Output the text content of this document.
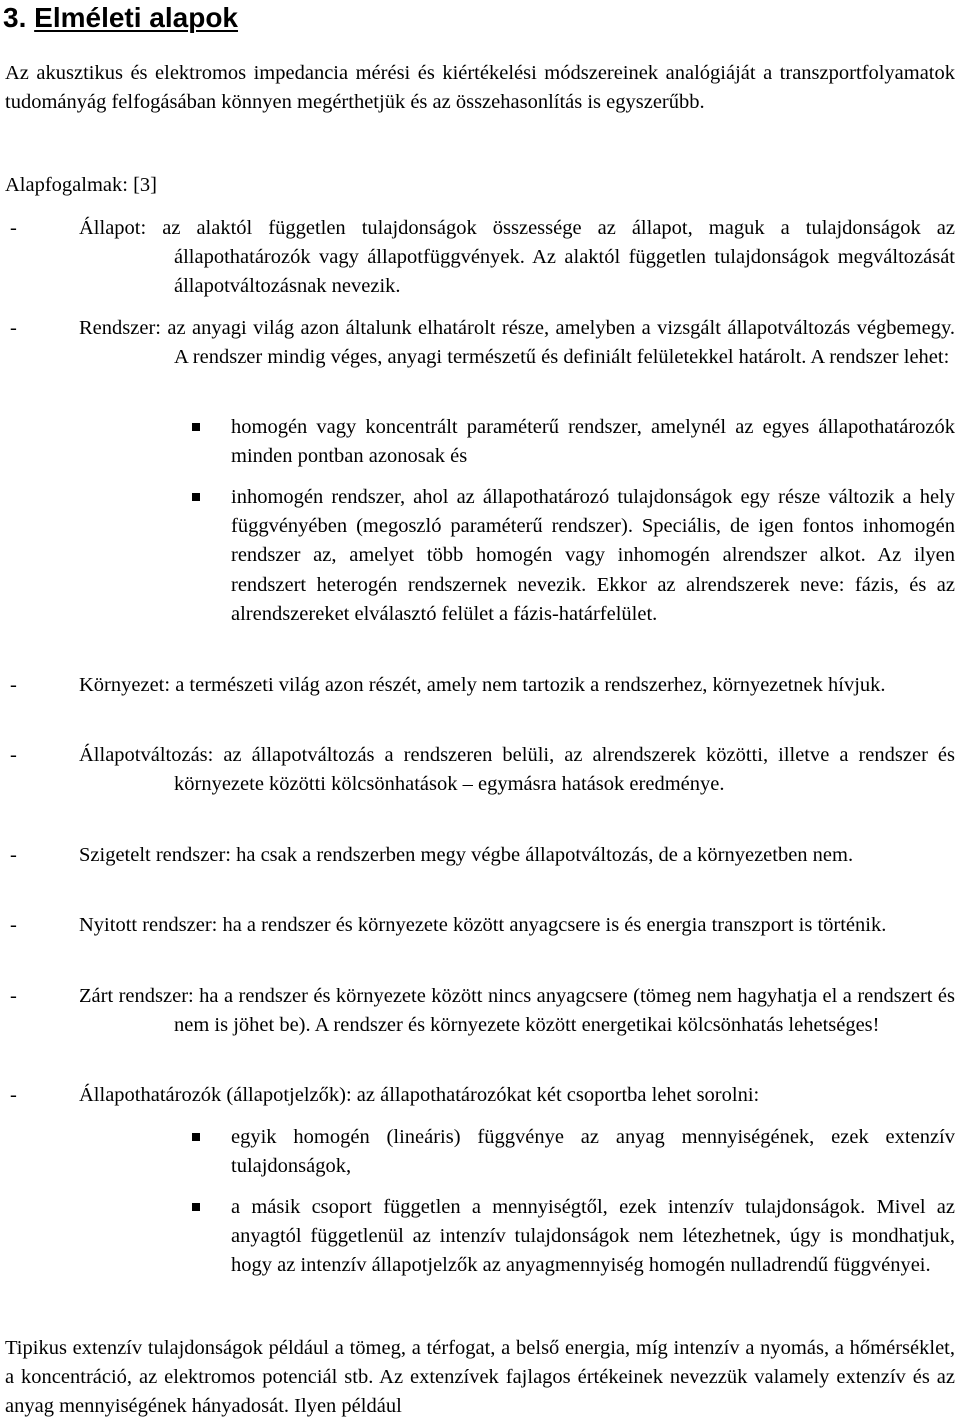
3. Elméleti alapok

Az akusztikus és elektromos impedancia mérési és kiértékelési módszereinek analógiáját a transzportfolyamatok tudományág felfogásában könnyen megérthetjük és az összehasonlítás is egyszerűbb.

Alapfogalmak: [3]

-	Állapot: az alaktól független tulajdonságok összessége az állapot, maguk a tulajdonságok az állapothatározók vagy állapotfüggvények. Az alaktól független tulajdonságok megváltozását állapotváltozásnak nevezik.

-	Rendszer: az anyagi világ azon általunk elhatárolt része, amelyben a vizsgált állapotváltozás végbemegy. A rendszer mindig véges, anyagi természetű és definiált felületekkel határolt. A rendszer lehet:

homogén vagy koncentrált paraméterű rendszer, amelynél az egyes állapothatározók minden pontban azonosak és

inhomogén rendszer, ahol az állapothatározó tulajdonságok egy része változik a hely függvényében (megoszló paraméterű rendszer). Speciális, de igen fontos inhomogén rendszer az, amelyet több homogén vagy inhomogén alrendszer alkot. Az ilyen rendszert heterogén rendszernek nevezik. Ekkor az alrendszerek neve: fázis, és az alrendszereket elválasztó felület a fázis-határfelület.

-	Környezet: a természeti világ azon részét, amely nem tartozik a rendszerhez, környezetnek hívjuk.

-	Állapotváltozás: az állapotváltozás a rendszeren belüli, az alrendszerek közötti, illetve a rendszer és környezete közötti kölcsönhatások – egymásra hatások eredménye.

-	Szigetelt rendszer: ha csak a rendszerben megy végbe állapotváltozás, de a környezetben nem.

-	Nyitott rendszer: ha a rendszer és környezete között anyagcsere is és energia transzport is történik.

-	Zárt rendszer: ha a rendszer és környezete között nincs anyagcsere (tömeg nem hagyhatja el a rendszert és nem is jöhet be). A rendszer és környezete között energetikai kölcsönhatás lehetséges!

-	Állapothatározók (állapotjelzők): az állapothatározókat két csoportba lehet sorolni:

egyik homogén (lineáris) függvénye az anyag mennyiségének, ezek extenzív tulajdonságok,

a másik csoport független a mennyiségtől, ezek intenzív tulajdonságok. Mivel az anyagtól függetlenül az intenzív tulajdonságok nem létezhetnek, úgy is mondhatjuk, hogy az intenzív állapotjelzők az anyagmennyiség homogén nulladrendű függvényei.

Tipikus extenzív tulajdonságok például a tömeg, a térfogat, a belső energia, míg intenzív a nyomás, a hőmérséklet, a koncentráció, az elektromos potenciál stb. Az extenzívek fajlagos értékeinek nevezzük valamely extenzív és az anyag mennyiségének hányadosát. Ilyen például
